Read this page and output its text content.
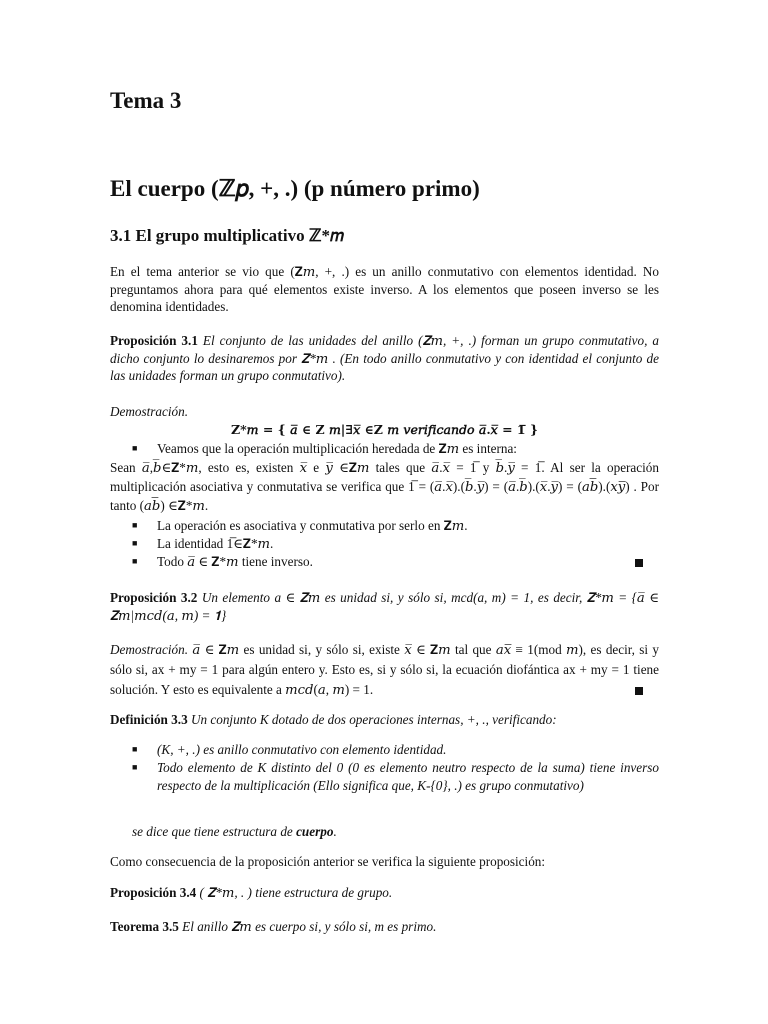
Tema 3
El cuerpo (ℤ𝑝, +, .) (p número primo)
3.1 El grupo multiplicativo ℤ*𝑚
En el tema anterior se vio que (𝐙𝑚, +, .) es un anillo conmutativo con elementos identidad. No preguntamos ahora para qué elementos existe inverso. A los elementos que poseen inverso se les denomina identidades.
Proposición 3.1 El conjunto de las unidades del anillo (𝐙𝑚, +, .) forman un grupo conmutativo, a dicho conjunto lo desinaremos por 𝐙*𝑚 . (En todo anillo conmutativo y con identidad el conjunto de las unidades forman un grupo conmutativo).
Demostración.
𝐙*𝑚 = { 𝑎̅ ∈ 𝐙 𝑚|∃𝑥̅ ∈𝐙 𝑚 𝑣𝑒𝑟𝑖𝑓𝑖𝑐𝑎𝑛𝑑𝑜 𝑎̅.𝑥̅ = 1̅ }
■	Veamos que la operación multiplicación heredada de 𝐙𝑚 es interna:
Sean 𝑎̅,𝑏̅∈𝐙*𝑚, esto es, existen 𝑥̅ e 𝑦̅ ∈𝐙𝑚 tales que 𝑎̅.𝑥̅ = 1̅ y 𝑏̅.𝑦̅ = 1̅. Al ser la operación multiplicación asociativa y conmutativa se verifica que 1̅ = (𝑎̅.𝑥̅).(𝑏̅.𝑦̅) = (𝑎̅.𝑏̅).(𝑥̅.𝑦̅) = (𝑎𝑏̅̅̅).(𝑥𝑦̅̅̅) . Por tanto (𝑎𝑏̅̅̅) ∈𝐙*𝑚.
■	La operación es asociativa y conmutativa por serlo en 𝐙𝑚.
■	La identidad 1̅∈𝐙*𝑚.
■	Todo 𝑎̅ ∈ 𝐙*𝑚 tiene inverso.
Proposición 3.2 Un elemento a ∈ 𝐙𝑚 es unidad si, y sólo si, mcd(a, m) = 1, es decir, 𝐙*𝑚 = {𝑎̅ ∈ 𝐙𝑚|𝑚𝑐𝑑(𝑎, 𝑚) = 𝟏}
Demostración. 𝑎̅ ∈ 𝐙𝑚 es unidad si, y sólo si, existe 𝑥̅ ∈ 𝐙𝑚 tal que 𝑎𝑥̅̅̅ ≡ 1(mod 𝑚), es decir, si y sólo si, ax + my = 1 para algún entero y. Esto es, si y sólo si, la ecuación diofántica ax + my = 1 tiene solución. Y esto es equivalente a 𝑚𝑐𝑑(𝑎, 𝑚) = 1.
Definición 3.3 Un conjunto K dotado de dos operaciones internas, +, ., verificando:
■	(K, +, .) es anillo conmutativo con elemento identidad.
■	Todo elemento de K distinto del 0 (0 es elemento neutro respecto de la suma) tiene inverso respecto de la multiplicación (Ello significa que, K-{0}, .) es grupo conmutativo)
se dice que tiene estructura de cuerpo.
Como consecuencia de la proposición anterior se verifica la siguiente proposición:
Proposición 3.4 ( 𝐙*𝑚, . ) tiene estructura de grupo.
Teorema 3.5 El anillo 𝐙𝑚 es cuerpo si, y sólo si, m es primo.
